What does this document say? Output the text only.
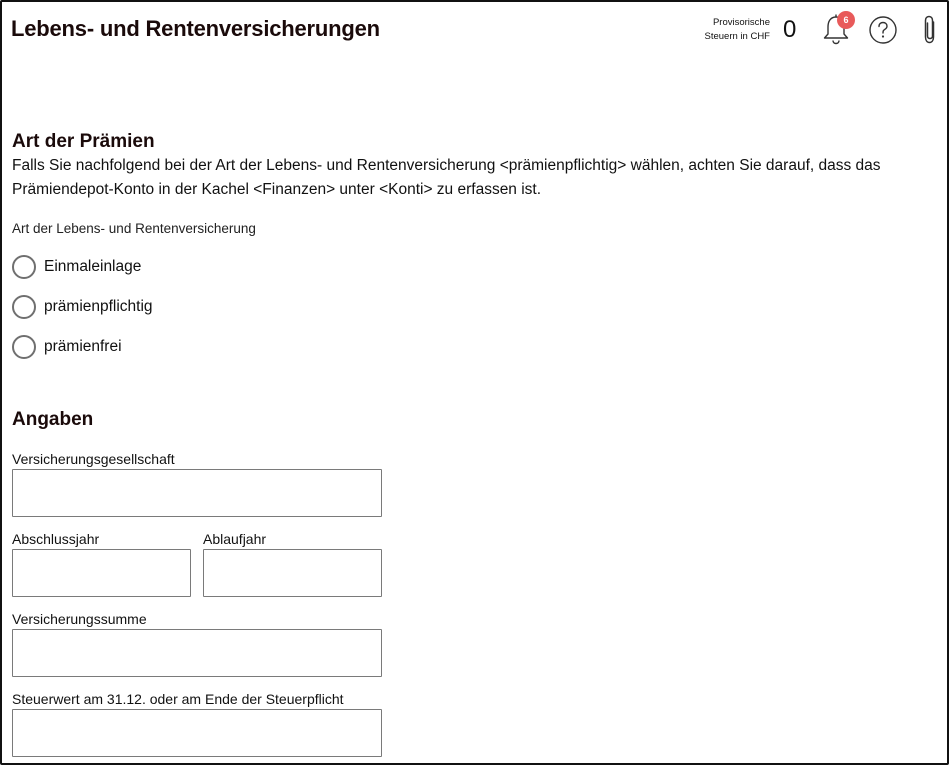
Lebens- und Rentenversicherungen	Provisorische
Steuern in CHF 0	6
Art der Prämien

Falls Sie nachfolgend bei der Art der Lebens- und Rentenversicherung <prämienpflichtig> wählen, achten Sie darauf, dass das Prämiendepot-Konto in der Kachel <Finanzen> unter <Konti> zu erfassen ist.

Art der Lebens- und Rentenversicherung
Einmaleinlage
prämienpflichtig
prämienfrei
Angaben
Versicherungsgesellschaft
Abschlussjahr	Ablaufjahr
Versicherungssumme
Steuerwert am 31.12. oder am Ende der Steuerpflicht
